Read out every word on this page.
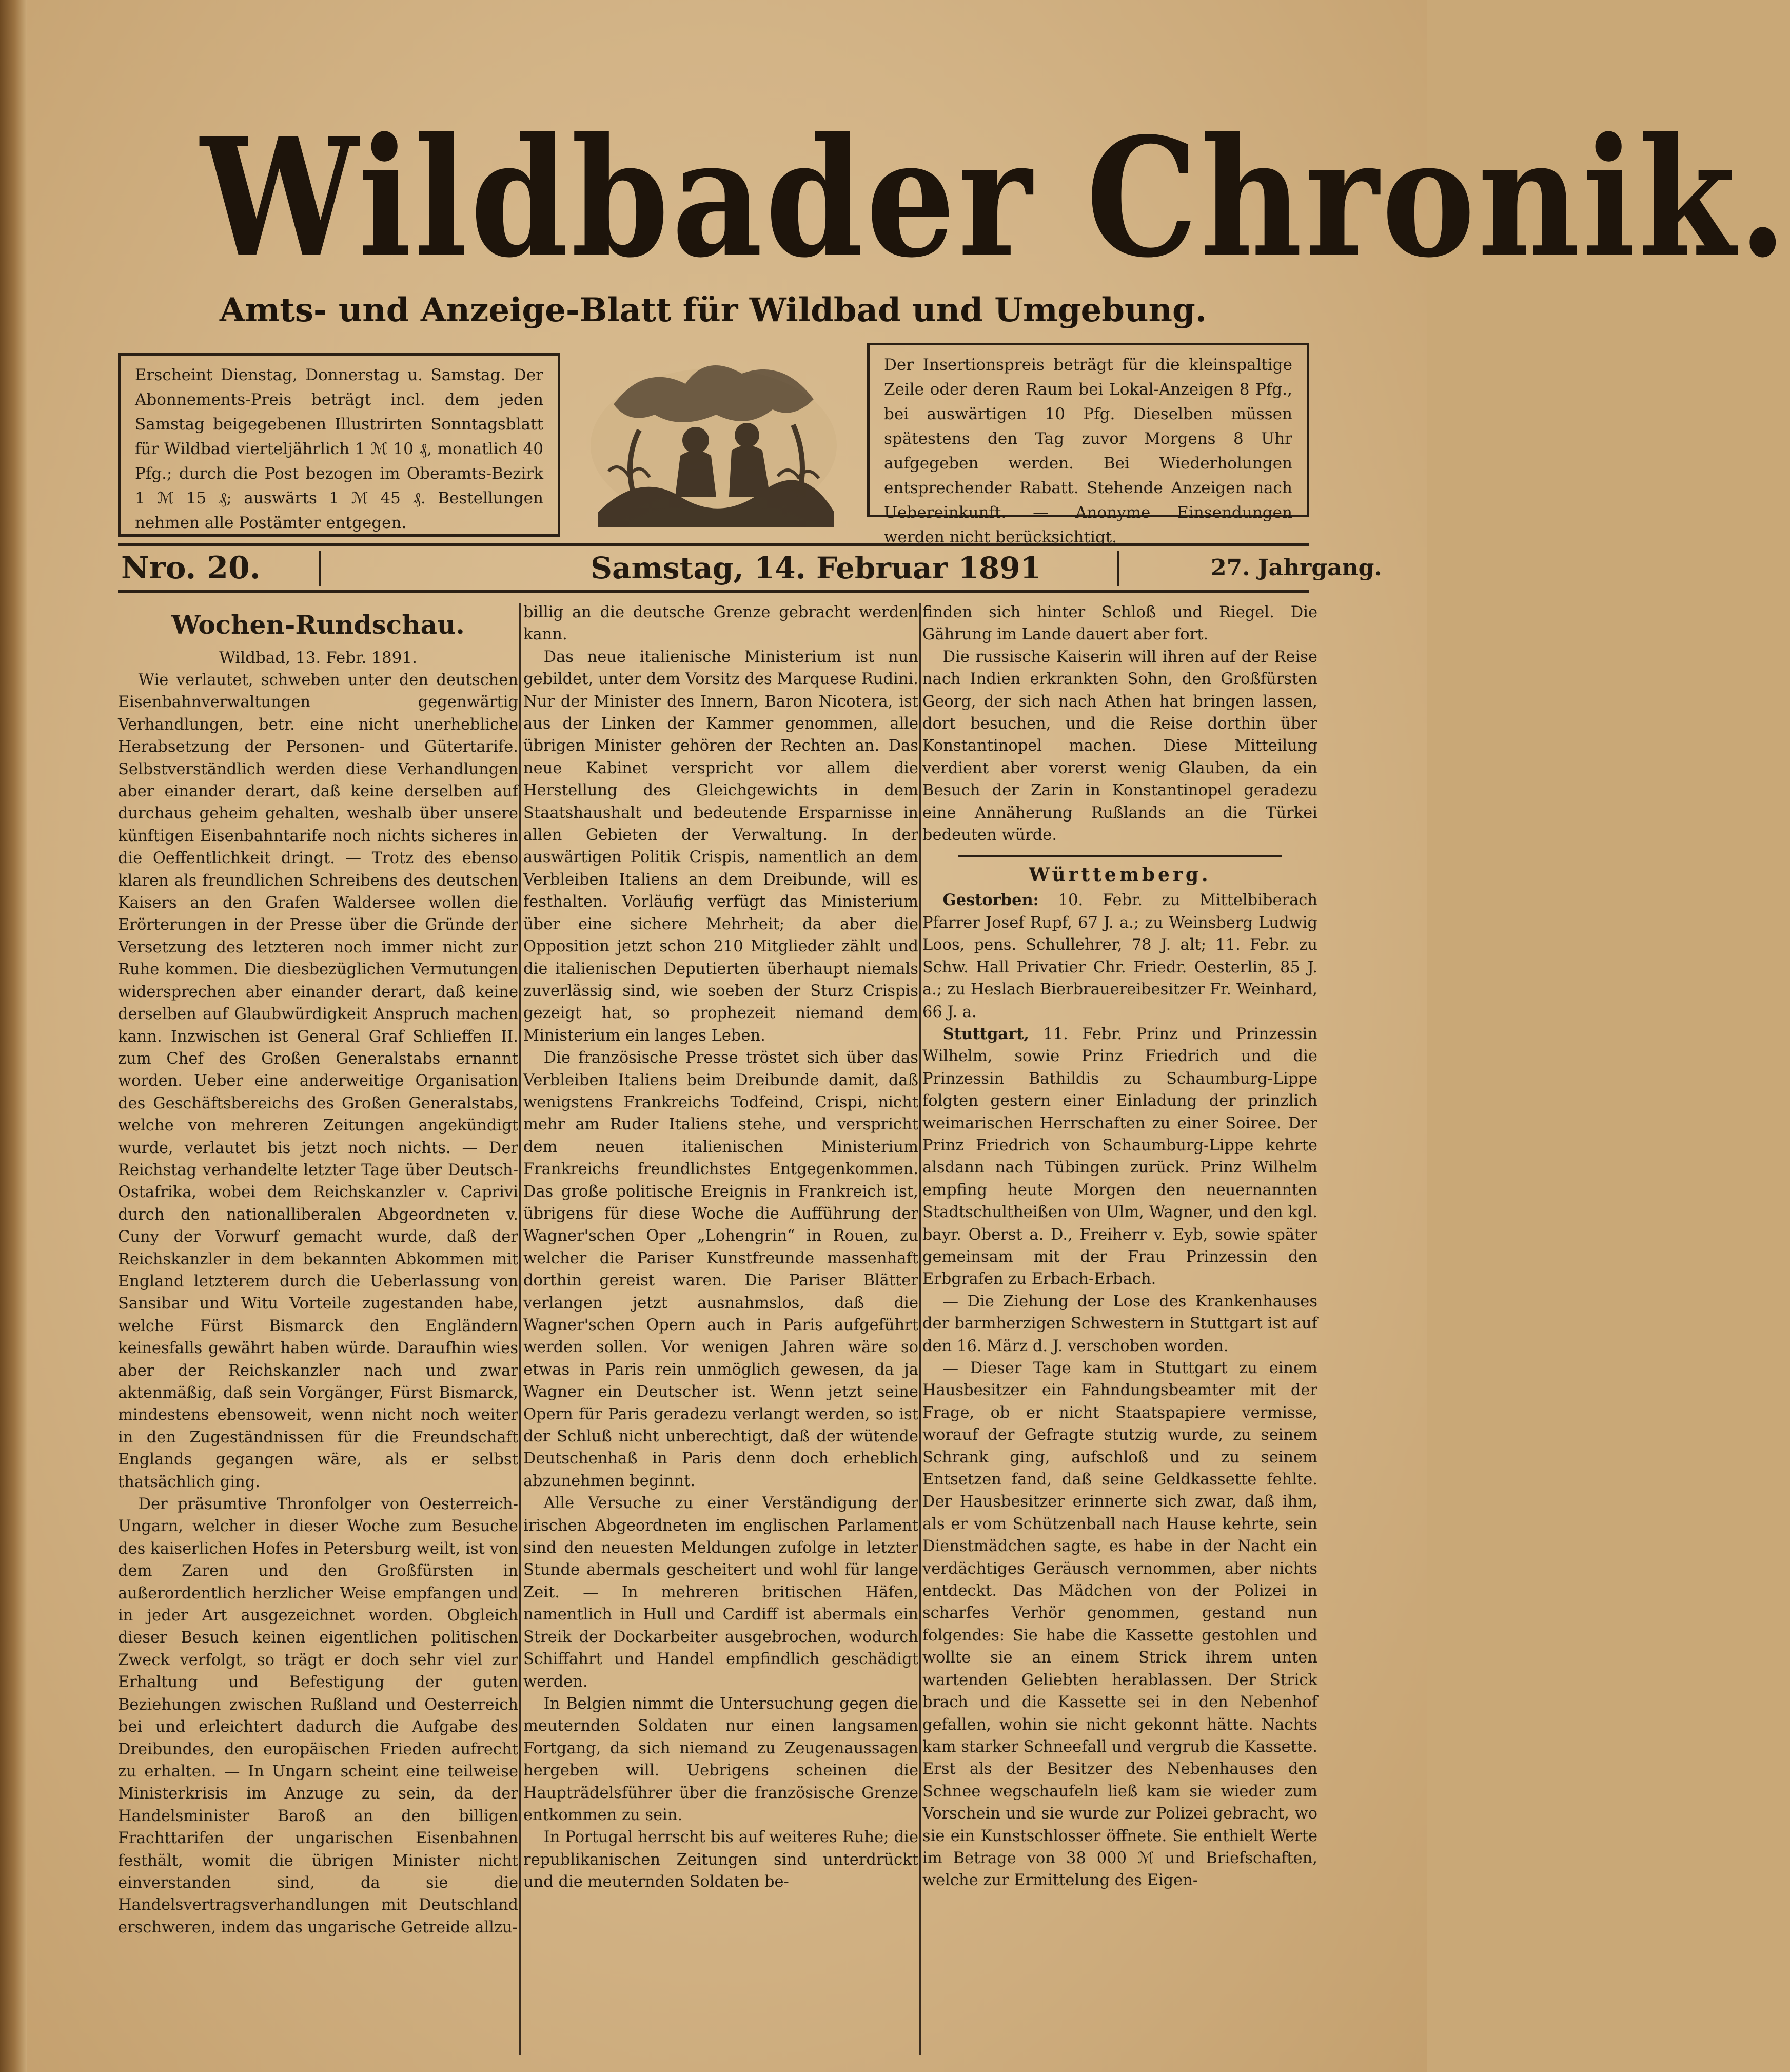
Wildbader Chronik.
Amts- und Anzeige-Blatt für Wildbad und Umgebung.

Erscheint Dienstag, Donnerstag u. Samstag. Der Abonnements-Preis beträgt incl. dem jeden Samstag beigegebenen Illustrirten Sonntagsblatt für Wildbad vierteljährlich 1 ℳ 10 ₰, monatlich 40 Pfg.; durch die Post bezogen im Oberamts-Bezirk 1 ℳ 15 ₰; auswärts 1 ℳ 45 ₰. Bestellungen nehmen alle Postämter entgegen.

Der Insertionspreis beträgt für die kleinspaltige Zeile oder deren Raum bei Lokal-Anzeigen 8 Pfg., bei auswärtigen 10 Pfg. Dieselben müssen spätestens den Tag zuvor Morgens 8 Uhr aufgegeben werden. Bei Wiederholungen entsprechender Rabatt. Stehende Anzeigen nach Uebereinkunft. — Anonyme Einsendungen werden nicht berücksichtigt.

Nro. 20.	Samstag, 14. Februar 1891	27. Jahrgang.
Wochen-Rundschau.
Wildbad, 13. Febr. 1891.

Wie verlautet, schweben unter den deutschen Eisenbahnverwaltungen gegenwärtig Verhandlungen, betr. eine nicht unerhebliche Herabsetzung der Personen- und Gütertarife. Selbstverständlich werden diese Verhandlungen aber einander derart, daß keine derselben auf durchaus geheim gehalten, weshalb über unsere künftigen Eisenbahntarife noch nichts sicheres in die Oeffentlichkeit dringt. — Trotz des ebenso klaren als freundlichen Schreibens des deutschen Kaisers an den Grafen Waldersee wollen die Erörterungen in der Presse über die Gründe der Versetzung des letzteren noch immer nicht zur Ruhe kommen. Die diesbezüglichen Vermutungen widersprechen aber einander derart, daß keine derselben auf Glaubwürdigkeit Anspruch machen kann. Inzwischen ist General Graf Schlieffen II. zum Chef des Großen Generalstabs ernannt worden. Ueber eine anderweitige Organisation des Geschäftsbereichs des Großen Generalstabs, welche von mehreren Zeitungen angekündigt wurde, verlautet bis jetzt noch nichts. — Der Reichstag verhandelte letzter Tage über Deutsch-Ostafrika, wobei dem Reichskanzler v. Caprivi durch den nationalliberalen Abgeordneten v. Cuny der Vorwurf gemacht wurde, daß der Reichskanzler in dem bekannten Abkommen mit England letzterem durch die Ueberlassung von Sansibar und Witu Vorteile zugestanden habe, welche Fürst Bismarck den Engländern keinesfalls gewährt haben würde. Daraufhin wies aber der Reichskanzler nach und zwar aktenmäßig, daß sein Vorgänger, Fürst Bismarck, mindestens ebensoweit, wenn nicht noch weiter in den Zugeständnissen für die Freundschaft Englands gegangen wäre, als er selbst thatsächlich ging.

Der präsumtive Thronfolger von Oesterreich-Ungarn, welcher in dieser Woche zum Besuche des kaiserlichen Hofes in Petersburg weilt, ist von dem Zaren und den Großfürsten in außerordentlich herzlicher Weise empfangen und in jeder Art ausgezeichnet worden. Obgleich dieser Besuch keinen eigentlichen politischen Zweck verfolgt, so trägt er doch sehr viel zur Erhaltung und Befestigung der guten Beziehungen zwischen Rußland und Oesterreich bei und erleichtert dadurch die Aufgabe des Dreibundes, den europäischen Frieden aufrecht zu erhalten. — In Ungarn scheint eine teilweise Ministerkrisis im Anzuge zu sein, da der Handelsminister Baroß an den billigen Frachttarifen der ungarischen Eisenbahnen festhält, womit die übrigen Minister nicht einverstanden sind, da sie die Handelsvertragsverhandlungen mit Deutschland erschweren, indem das ungarische Getreide allzu-

billig an die deutsche Grenze gebracht werden kann.

Das neue italienische Ministerium ist nun gebildet, unter dem Vorsitz des Marquese Rudini. Nur der Minister des Innern, Baron Nicotera, ist aus der Linken der Kammer genommen, alle übrigen Minister gehören der Rechten an. Das neue Kabinet verspricht vor allem die Herstellung des Gleichgewichts in dem Staatshaushalt und bedeutende Ersparnisse in allen Gebieten der Verwaltung. In der auswärtigen Politik Crispis, namentlich an dem Verbleiben Italiens an dem Dreibunde, will es festhalten. Vorläufig verfügt das Ministerium über eine sichere Mehrheit; da aber die Opposition jetzt schon 210 Mitglieder zählt und die italienischen Deputierten überhaupt niemals zuverlässig sind, wie soeben der Sturz Crispis gezeigt hat, so prophezeit niemand dem Ministerium ein langes Leben.

Die französische Presse tröstet sich über das Verbleiben Italiens beim Dreibunde damit, daß wenigstens Frankreichs Todfeind, Crispi, nicht mehr am Ruder Italiens stehe, und verspricht dem neuen italienischen Ministerium Frankreichs freundlichstes Entgegenkommen. Das große politische Ereignis in Frankreich ist, übrigens für diese Woche die Aufführung der Wagner'schen Oper „Lohengrin“ in Rouen, zu welcher die Pariser Kunstfreunde massenhaft dorthin gereist waren. Die Pariser Blätter verlangen jetzt ausnahmslos, daß die Wagner'schen Opern auch in Paris aufgeführt werden sollen. Vor wenigen Jahren wäre so etwas in Paris rein unmöglich gewesen, da ja Wagner ein Deutscher ist. Wenn jetzt seine Opern für Paris geradezu verlangt werden, so ist der Schluß nicht unberechtigt, daß der wütende Deutschenhaß in Paris denn doch erheblich abzunehmen beginnt.

Alle Versuche zu einer Verständigung der irischen Abgeordneten im englischen Parlament sind den neuesten Meldungen zufolge in letzter Stunde abermals gescheitert und wohl für lange Zeit. — In mehreren britischen Häfen, namentlich in Hull und Cardiff ist abermals ein Streik der Dockarbeiter ausgebrochen, wodurch Schiffahrt und Handel empfindlich geschädigt werden.

In Belgien nimmt die Untersuchung gegen die meuternden Soldaten nur einen langsamen Fortgang, da sich niemand zu Zeugenaussagen hergeben will. Uebrigens scheinen die Haupträdelsführer über die französische Grenze entkommen zu sein.

In Portugal herrscht bis auf weiteres Ruhe; die republikanischen Zeitungen sind unterdrückt und die meuternden Soldaten be-

finden sich hinter Schloß und Riegel. Die Gährung im Lande dauert aber fort.

Die russische Kaiserin will ihren auf der Reise nach Indien erkrankten Sohn, den Großfürsten Georg, der sich nach Athen hat bringen lassen, dort besuchen, und die Reise dorthin über Konstantinopel machen. Diese Mitteilung verdient aber vorerst wenig Glauben, da ein Besuch der Zarin in Konstantinopel geradezu eine Annäherung Rußlands an die Türkei bedeuten würde.

Württemberg.

Gestorben: 10. Febr. zu Mittelbiberach Pfarrer Josef Rupf, 67 J. a.; zu Weinsberg Ludwig Loos, pens. Schullehrer, 78 J. alt; 11. Febr. zu Schw. Hall Privatier Chr. Friedr. Oesterlin, 85 J. a.; zu Heslach Bierbrauereibesitzer Fr. Weinhard, 66 J. a.

Stuttgart, 11. Febr. Prinz und Prinzessin Wilhelm, sowie Prinz Friedrich und die Prinzessin Bathildis zu Schaumburg-Lippe folgten gestern einer Einladung der prinzlich weimarischen Herrschaften zu einer Soiree. Der Prinz Friedrich von Schaumburg-Lippe kehrte alsdann nach Tübingen zurück. Prinz Wilhelm empfing heute Morgen den neuernannten Stadtschultheißen von Ulm, Wagner, und den kgl. bayr. Oberst a. D., Freiherr v. Eyb, sowie später gemeinsam mit der Frau Prinzessin den Erbgrafen zu Erbach-Erbach.

— Die Ziehung der Lose des Krankenhauses der barmherzigen Schwestern in Stuttgart ist auf den 16. März d. J. verschoben worden.

— Dieser Tage kam in Stuttgart zu einem Hausbesitzer ein Fahndungsbeamter mit der Frage, ob er nicht Staatspapiere vermisse, worauf der Gefragte stutzig wurde, zu seinem Schrank ging, aufschloß und zu seinem Entsetzen fand, daß seine Geldkassette fehlte. Der Hausbesitzer erinnerte sich zwar, daß ihm, als er vom Schützenball nach Hause kehrte, sein Dienstmädchen sagte, es habe in der Nacht ein verdächtiges Geräusch vernommen, aber nichts entdeckt. Das Mädchen von der Polizei in scharfes Verhör genommen, gestand nun folgendes: Sie habe die Kassette gestohlen und wollte sie an einem Strick ihrem unten wartenden Geliebten herablassen. Der Strick brach und die Kassette sei in den Nebenhof gefallen, wohin sie nicht gekonnt hätte. Nachts kam starker Schneefall und vergrub die Kassette. Erst als der Besitzer des Nebenhauses den Schnee wegschaufeln ließ kam sie wieder zum Vorschein und sie wurde zur Polizei gebracht, wo sie ein Kunstschlosser öffnete. Sie enthielt Werte im Betrage von 38 000 ℳ und Briefschaften, welche zur Ermittelung des Eigen-
